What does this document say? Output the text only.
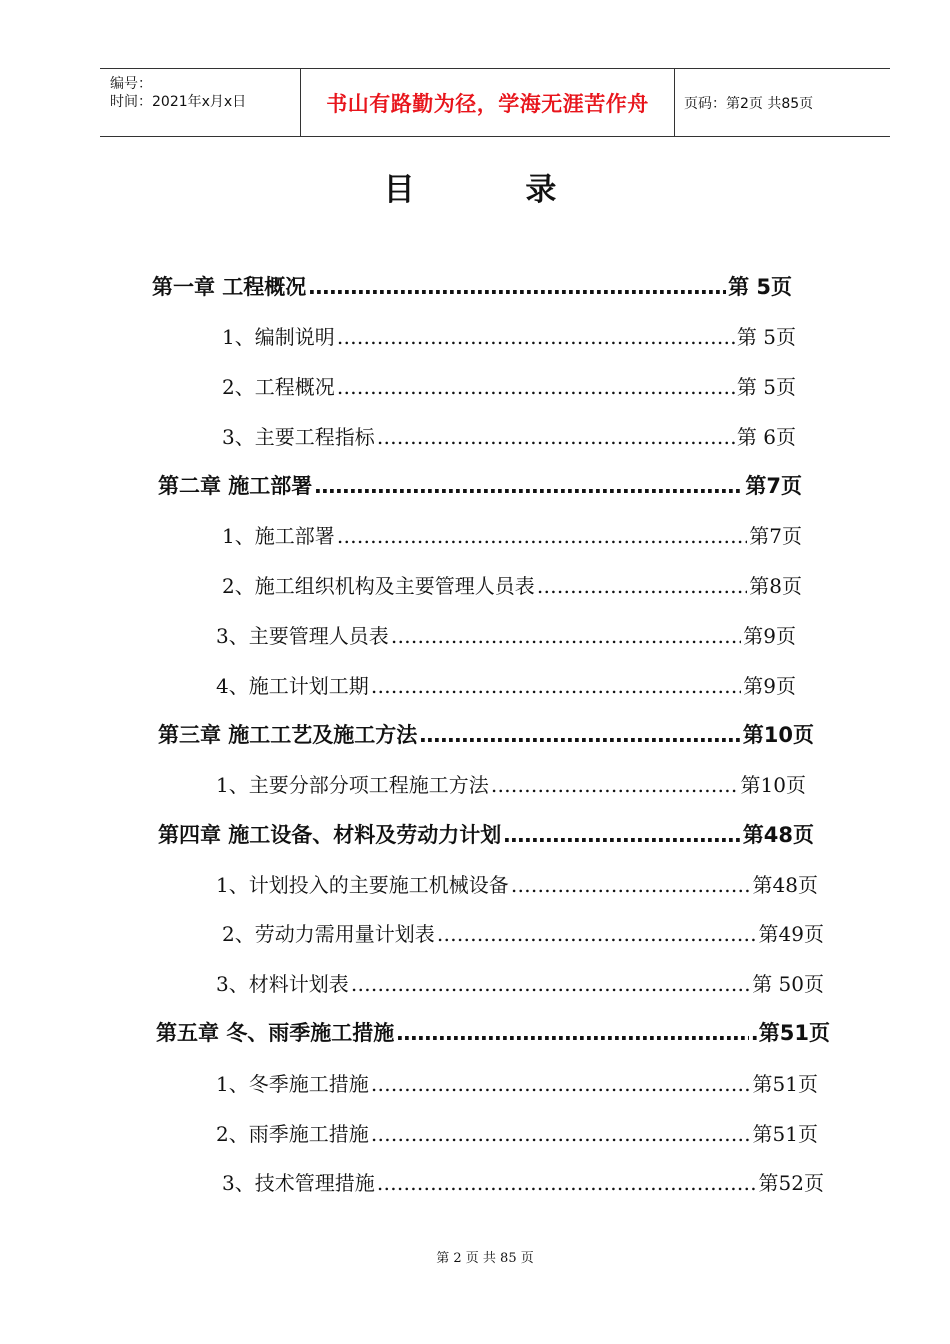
编号：
时间：2021年x月x日	书山有路勤为径，学海无涯苦作舟	页码：第2页 共85页
目 录
第一章 工程概况 ……………………………………………………………………………………………………………………………………	第 5页
1、编制说明 ……………………………………………………………………………………………………………………………………	第 5页
2、工程概况 ……………………………………………………………………………………………………………………………………	第 5页
3、主要工程指标 ……………………………………………………………………………………………………………………………………	第 6页
第二章 施工部署 ……………………………………………………………………………………………………………………………………	第7页
1、施工部署 ……………………………………………………………………………………………………………………………………	第7页
2、施工组织机构及主要管理人员表 ……………………………………………………………………………………………………………………………………	第8页
3、主要管理人员表 ……………………………………………………………………………………………………………………………………	第9页
4、施工计划工期 ……………………………………………………………………………………………………………………………………	第9页
第三章 施工工艺及施工方法 ……………………………………………………………………………………………………………………………………	第10页
1、主要分部分项工程施工方法 ……………………………………………………………………………………………………………………………………	第10页
第四章 施工设备、材料及劳动力计划 ……………………………………………………………………………………………………………………………………	第48页
1、计划投入的主要施工机械设备 ……………………………………………………………………………………………………………………………………	第48页
2、劳动力需用量计划表 ……………………………………………………………………………………………………………………………………	第49页
3、材料计划表 ……………………………………………………………………………………………………………………………………	第 50页
第五章 冬、雨季施工措施 ……………………………………………………………………………………………………………………………………	.第51页
1、冬季施工措施 ……………………………………………………………………………………………………………………………………	第51页
2、雨季施工措施 ……………………………………………………………………………………………………………………………………	第51页
3、技术管理措施 ……………………………………………………………………………………………………………………………………	第52页
第 2 页 共 85 页
